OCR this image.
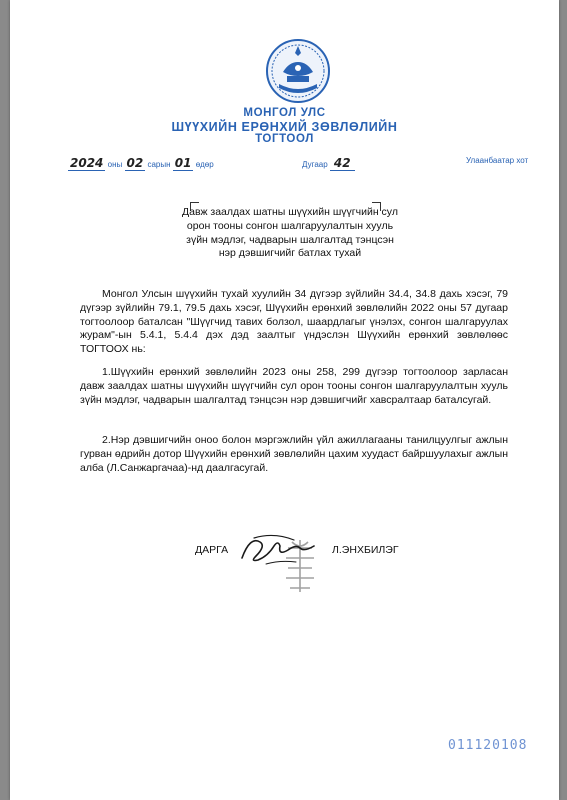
МОНГОЛ УЛС
ШҮҮХИЙН ЕРӨНХИЙ ЗӨВЛӨЛИЙН
ТОГТООЛ
2024 оны 02 сарын 01 өдөр	Дугаар 42	Улаанбаатар хот
Давж заалдах шатны шүүхийн шүүгчийн сул орон тооны сонгон шалгаруулалтын хууль зүйн мэдлэг, чадварын шалгалтад тэнцсэн нэр дэвшигчийг батлах тухай

Монгол Улсын шүүхийн тухай хуулийн 34 дүгээр зүйлийн 34.4, 34.8 дахь хэсэг, 79 дүгээр зүйлийн 79.1, 79.5 дахь хэсэг, Шүүхийн ерөнхий зөвлөлийн 2022 оны 57 дугаар тогтоолоор баталсан "Шүүгчид тавих болзол, шаардлагыг үнэлэх, сонгон шалгаруулах журам"-ын 5.4.1, 5.4.4 дэх дэд заалтыг үндэслэн Шүүхийн ерөнхий зөвлөлөөс ТОГТООХ нь:

1.Шүүхийн ерөнхий зөвлөлийн 2023 оны 258, 299 дүгээр тогтоолоор зарласан давж заалдах шатны шүүхийн шүүгчийн сул орон тооны сонгон шалгаруулалтын хууль зүйн мэдлэг, чадварын шалгалтад тэнцсэн нэр дэвшигчийг хавсралтаар баталсугай.

2.Нэр дэвшигчийн оноо болон мэргэжлийн үйл ажиллагааны танилцуулгыг ажлын гурван өдрийн дотор Шүүхийн ерөнхий зөвлөлийн цахим хуудаст байршуулахыг ажлын алба (Л.Санжаргачаа)-нд даалгасугай.

ДАРГА	Л.ЭНХБИЛЭГ
011120108
